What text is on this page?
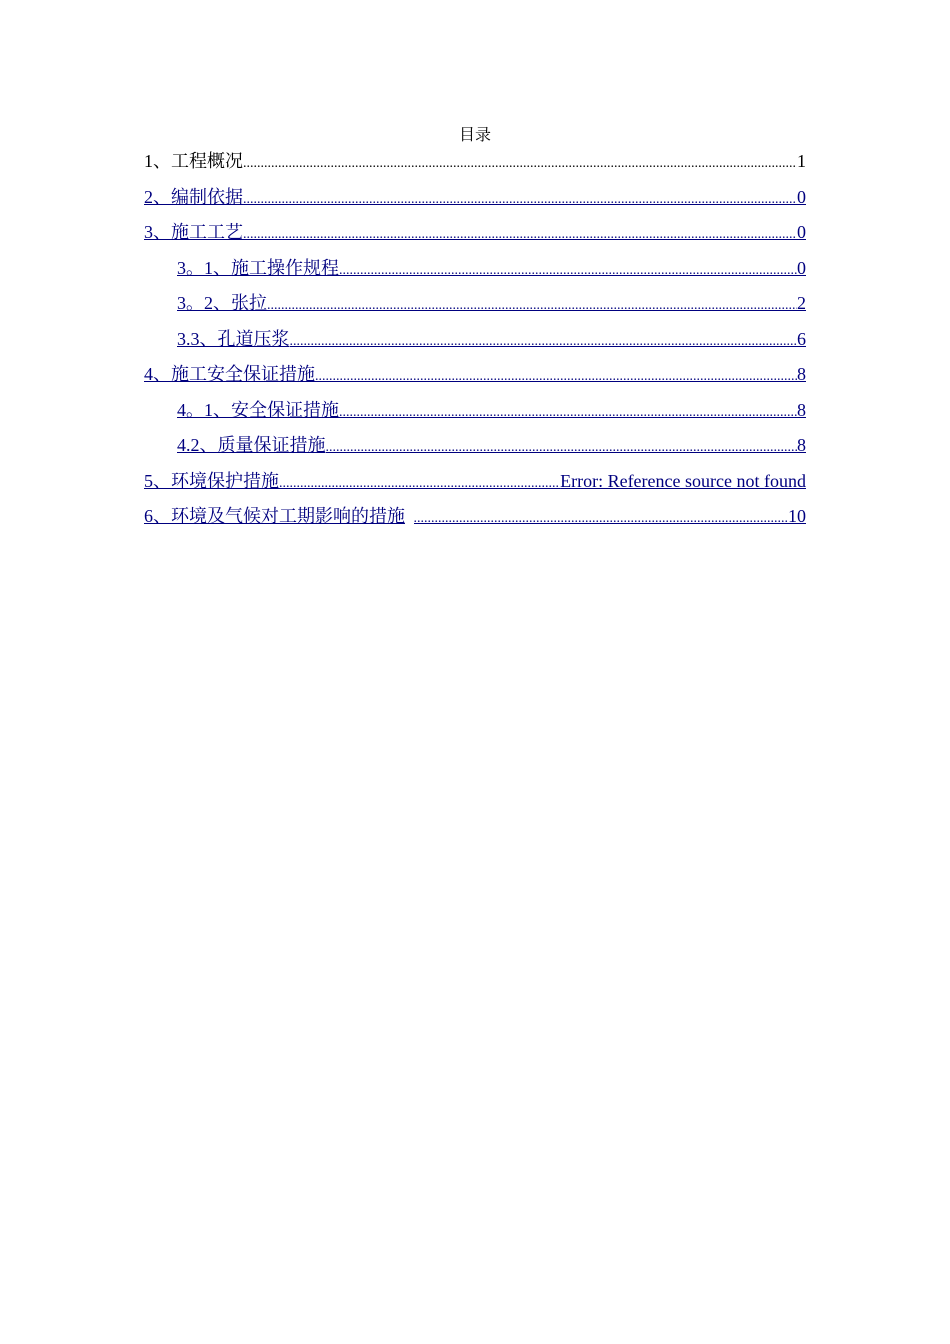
目录
1、工程概况 .....	1
2、编制依据 .....	0
3、施工工艺 .....	0
3。1、施工操作规程 .....	0
3。2、张拉 .....	2
3.3、孔道压浆 .....	6
4、施工安全保证措施 .....	8
4。1、安全保证措施 .....	8
4.2、质量保证措施 .....	8
5、环境保护措施 .....	Error: Reference source not found
6、环境及气候对工期影响的措施 .....	10
